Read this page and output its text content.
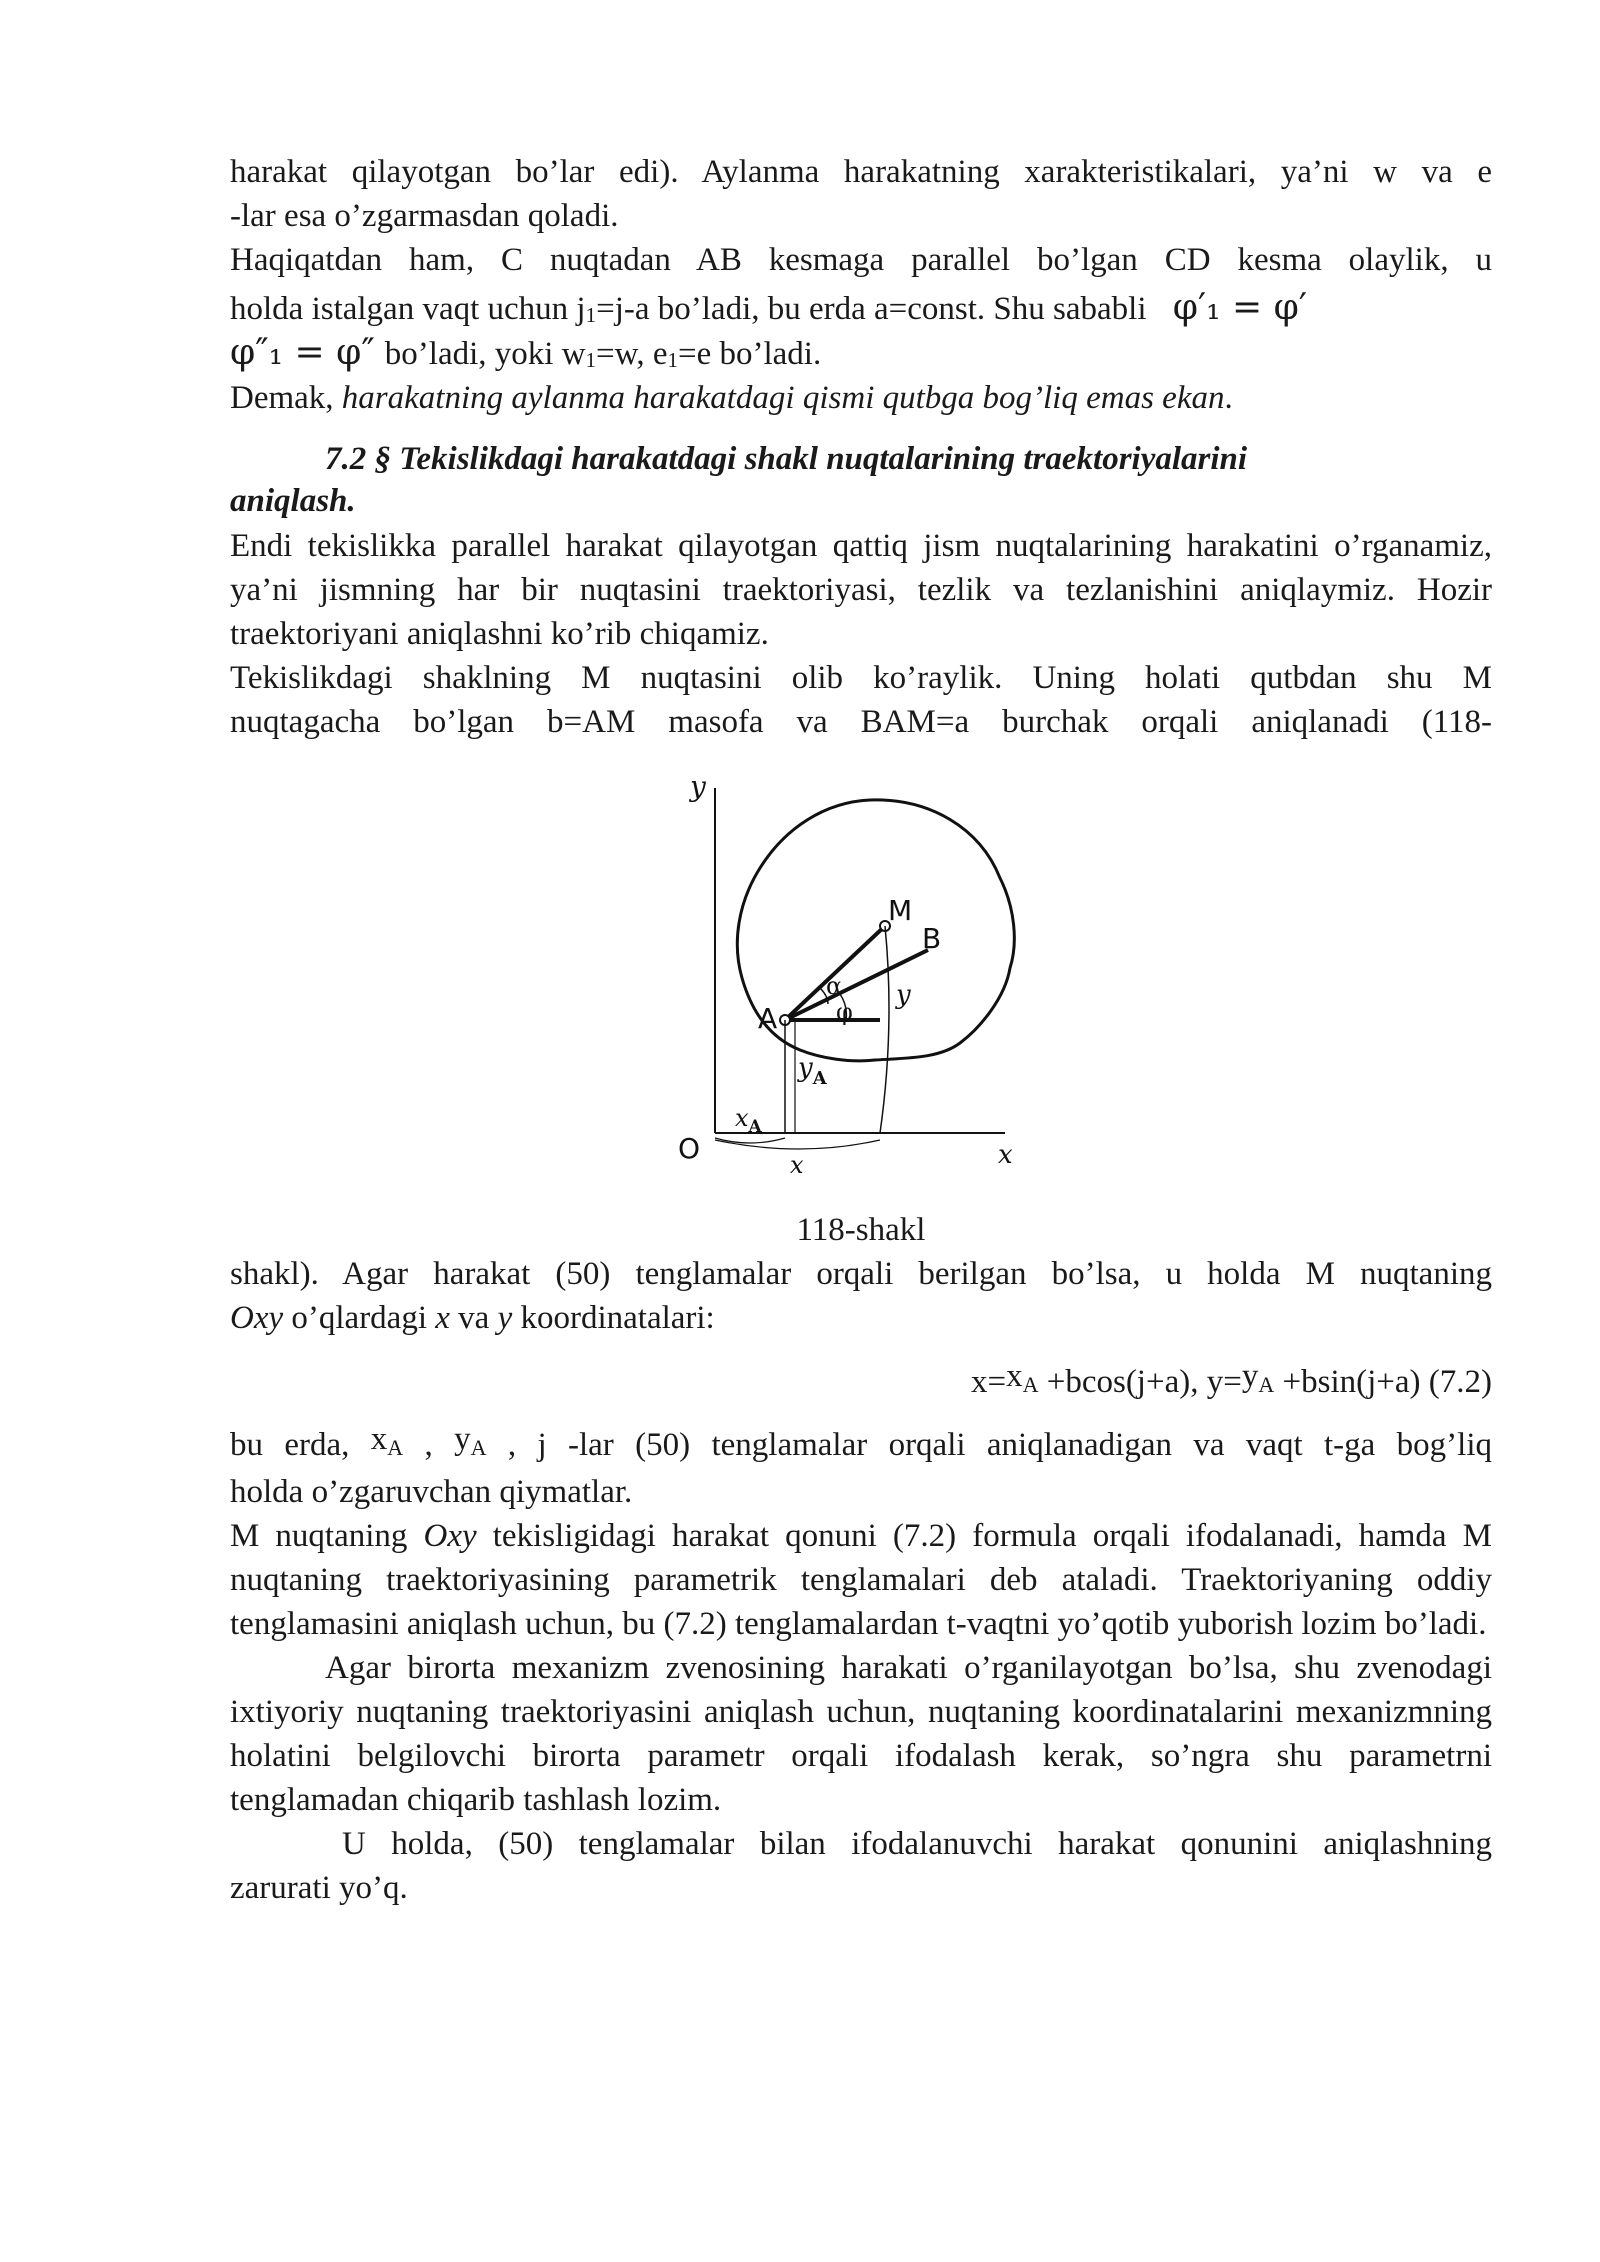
harakat qilayotgan bo’lar edi). Aylanma harakatning xarakteristikalari, ya’ni w va e

-lar esa o’zgarmasdan qoladi.

Haqiqatdan ham, C nuqtadan AB kesmaga parallel bo’lgan CD kesma olaylik, u

holda istalgan vaqt uchun $j_1=j-a$ bo’ladi, bu erda a=const. Shu sababli φ′₁ = φ′

φ″₁ = φ″ bo’ladi, yoki $w_1=w$, $e_1=e$ bo’ladi.

Demak, harakatning aylanma harakatdagi qismi qutbga bog’liq emas ekan.

7.2 § Tekislikdagi harakatdagi shakl nuqtalarining traektoriyalarini
aniqlash.

Endi tekislikka parallel harakat qilayotgan qattiq jism nuqtalarining harakatini o’rganamiz, ya’ni jismning har bir nuqtasini traektoriyasi, tezlik va tezlanishini aniqlaymiz. Hozir traektoriyani aniqlashni ko’rib chiqamiz.

Tekislikdagi shaklning M nuqtasini olib ko’raylik. Uning holati qutbdan shu M

nuqtagacha bo’lgan b=AM masofa va BAM=a burchak orqali aniqlanadi (118-

y
O	x
M
B
A
α
φ
y
$y_A$
$x_A$
x

118-shakl

shakl). Agar harakat (50) tenglamalar orqali berilgan bo’lsa, u holda M nuqtaning

Oxy o’qlardagi x va y koordinatalari:

x=xA +bcos(j+a), y=yA +bsin(j+a) (7.2)

bu erda, xA , yA , j -lar (50) tenglamalar orqali aniqlanadigan va vaqt t-ga bog’liq

holda o’zgaruvchan qiymatlar.

M nuqtaning Oxy tekisligidagi harakat qonuni (7.2) formula orqali ifodalanadi, hamda M nuqtaning traektoriyasining parametrik tenglamalari deb ataladi. Traektoriyaning oddiy tenglamasini aniqlash uchun, bu (7.2) tenglamalardan t-vaqtni yo’qotib yuborish lozim bo’ladi.

Agar birorta mexanizm zvenosining harakati o’rganilayotgan bo’lsa, shu zvenodagi ixtiyoriy nuqtaning traektoriyasini aniqlash uchun, nuqtaning koordinatalarini mexanizmning holatini belgilovchi birorta parametr orqali ifodalash kerak, so’ngra shu parametrni tenglamadan chiqarib tashlash lozim.

U holda, (50) tenglamalar bilan ifodalanuvchi harakat qonunini aniqlashning

zarurati yo’q.
